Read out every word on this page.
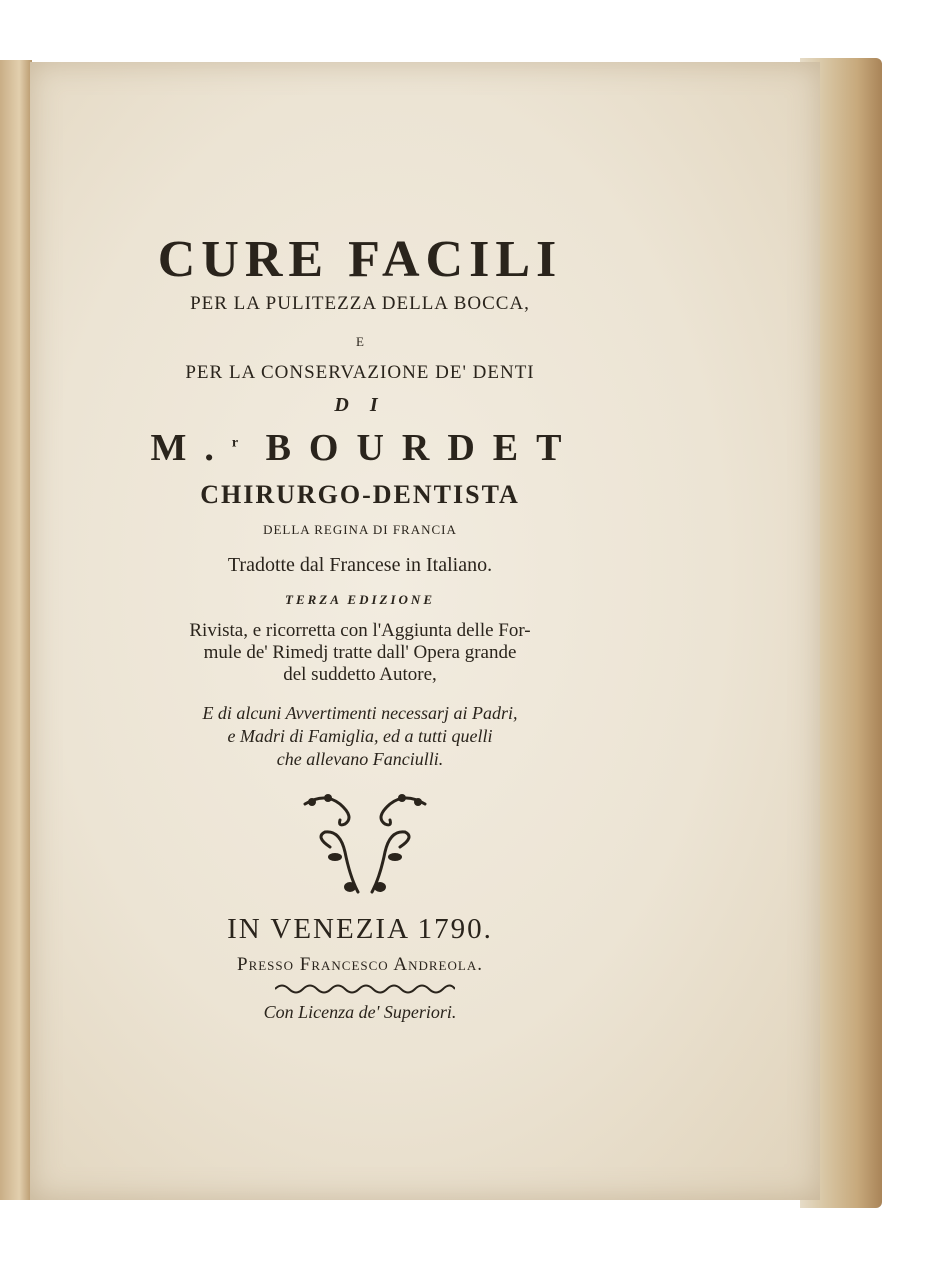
CURE FACILI
PER LA PULITEZZA DELLA BOCCA,
E
PER LA CONSERVAZIONE DE' DENTI
D I
M.$^r$ BOURDET
CHIRURGO-DENTISTA
DELLA REGINA DI FRANCIA
Tradotte dal Francese in Italiano.
TERZA EDIZIONE
Rivista, e ricorretta con l'Aggiunta delle For-
mule de' Rimedj tratte dall' Opera grande
del suddetto Autore,
E di alcuni Avvertimenti necessarj ai Padri,
e Madri di Famiglia, ed a tutti quelli
che allevano Fanciulli.
IN VENEZIA 1790.
Presso Francesco Andreola.
Con Licenza de' Superiori.
